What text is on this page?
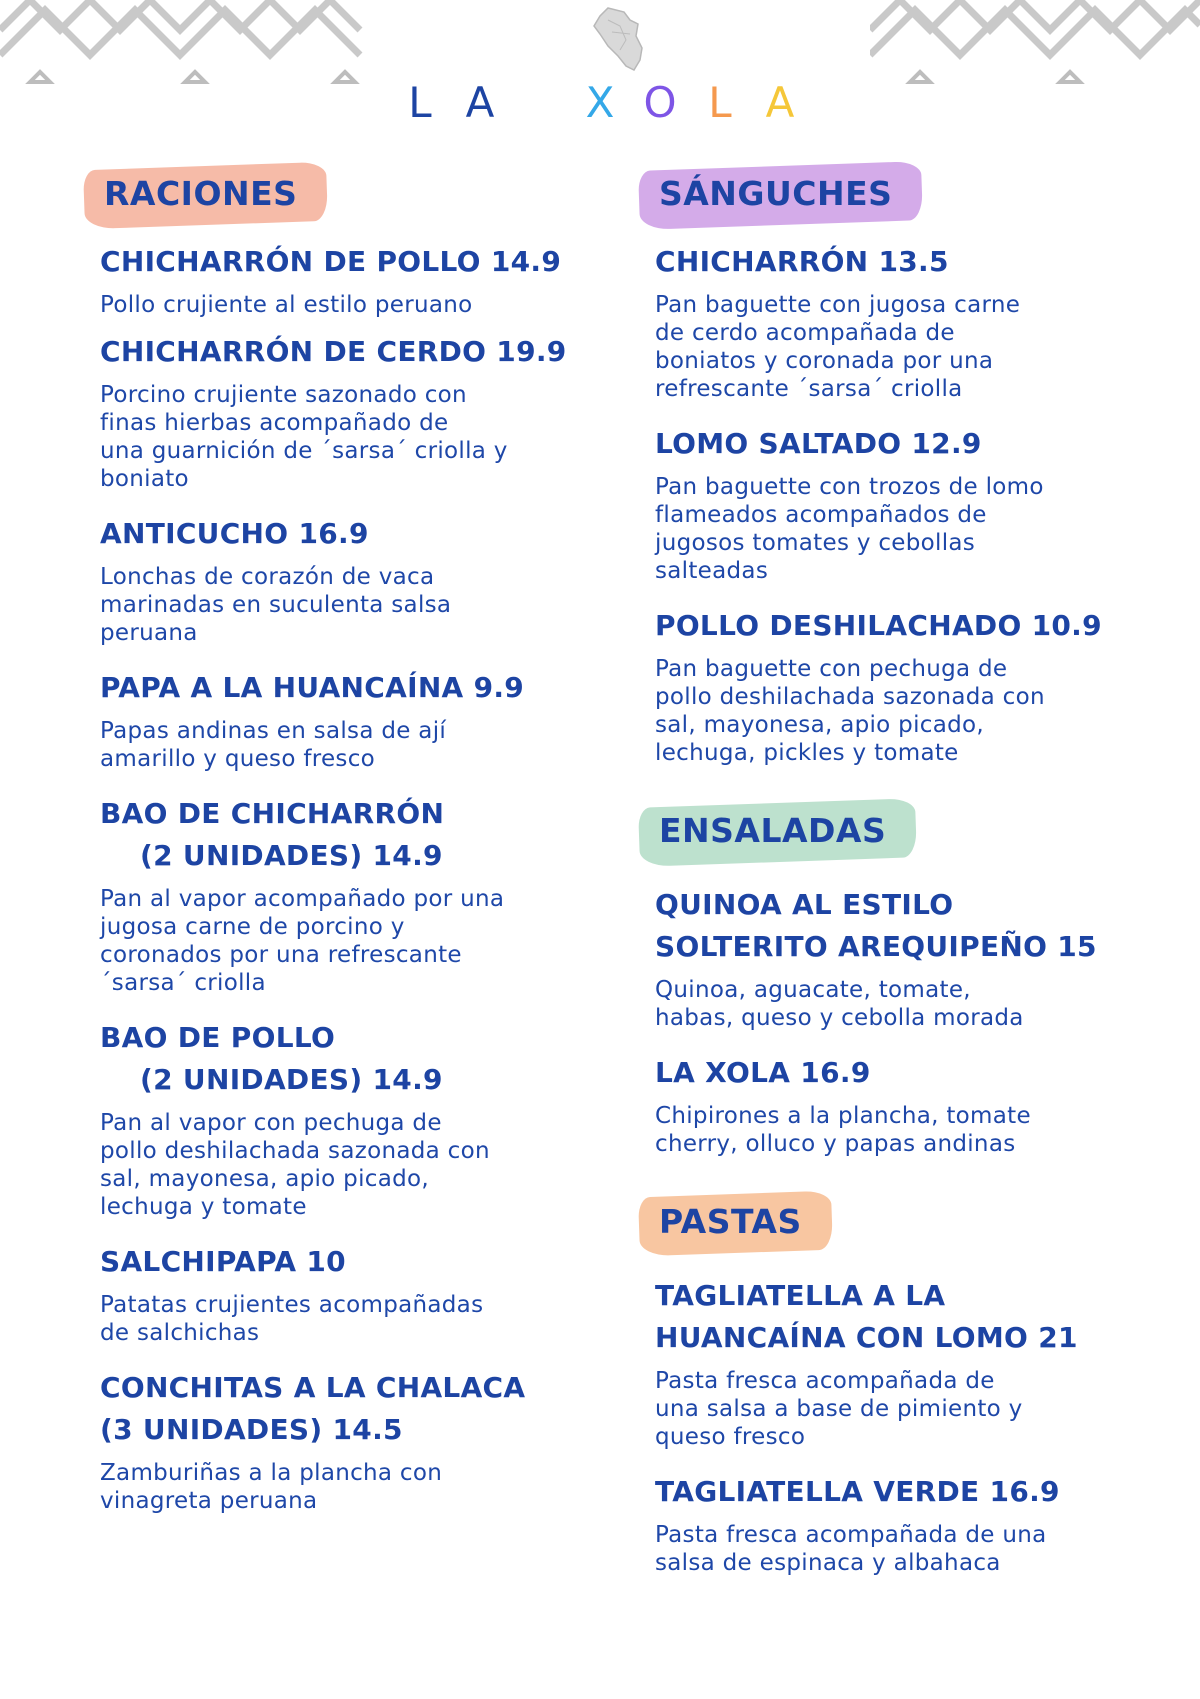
L A X O L A
RACIONES
CHICHARRÓN DE POLLO 14.9
Pollo crujiente al estilo peruano
CHICHARRÓN DE CERDO 19.9
Porcino crujiente sazonado con
finas hierbas acompañado de
una guarnición de ´sarsa´ criolla y
boniato
ANTICUCHO 16.9
Lonchas de corazón de vaca
marinadas en suculenta salsa
peruana
PAPA A LA HUANCAÍNA 9.9
Papas andinas en salsa de ají
amarillo y queso fresco
BAO DE CHICHARRÓN
(2 UNIDADES) 14.9
Pan al vapor acompañado por una
jugosa carne de porcino y
coronados por una refrescante
´sarsa´ criolla
BAO DE POLLO
(2 UNIDADES) 14.9
Pan al vapor con pechuga de
pollo deshilachada sazonada con
sal, mayonesa, apio picado,
lechuga y tomate
SALCHIPAPA 10
Patatas crujientes acompañadas
de salchichas
CONCHITAS A LA CHALACA
(3 UNIDADES) 14.5
Zamburiñas a la plancha con
vinagreta peruana
SÁNGUCHES
CHICHARRÓN 13.5
Pan baguette con jugosa carne
de cerdo acompañada de
boniatos y coronada por una
refrescante ´sarsa´ criolla
LOMO SALTADO 12.9
Pan baguette con trozos de lomo
flameados acompañados de
jugosos tomates y cebollas
salteadas
POLLO DESHILACHADO 10.9
Pan baguette con pechuga de
pollo deshilachada sazonada con
sal, mayonesa, apio picado,
lechuga, pickles y tomate
ENSALADAS
QUINOA AL ESTILO
SOLTERITO AREQUIPEÑO 15
Quinoa, aguacate, tomate,
habas, queso y cebolla morada
LA XOLA 16.9
Chipirones a la plancha, tomate
cherry, olluco y papas andinas
PASTAS
TAGLIATELLA A LA
HUANCAÍNA CON LOMO 21
Pasta fresca acompañada de
una salsa a base de pimiento y
queso fresco
TAGLIATELLA VERDE 16.9
Pasta fresca acompañada de una
salsa de espinaca y albahaca
